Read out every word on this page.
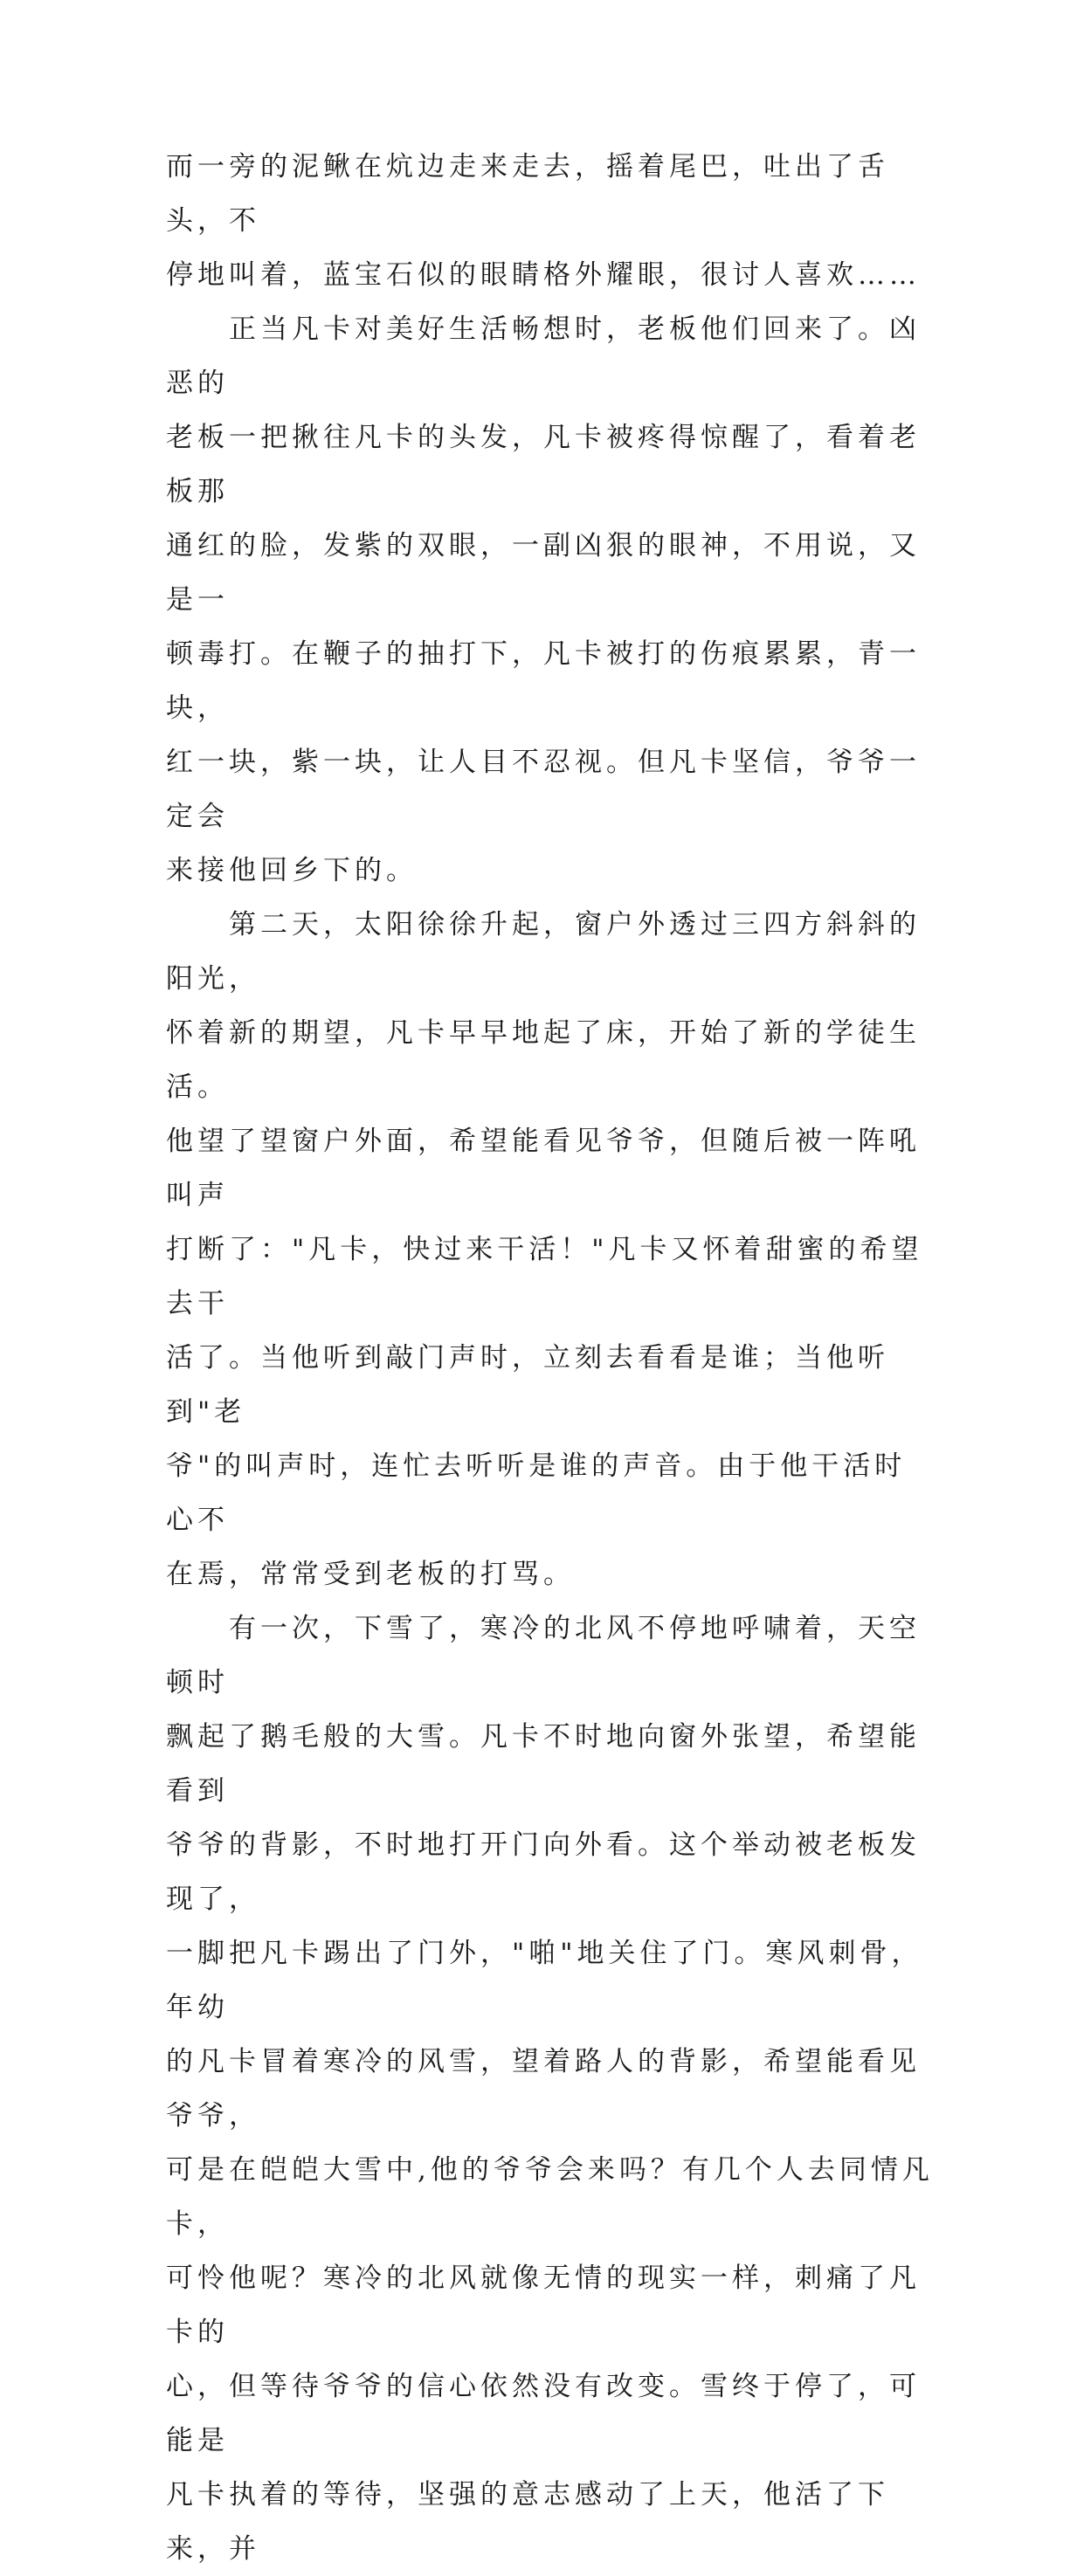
而一旁的泥鳅在炕边走来走去，摇着尾巴，吐出了舌头，不
停地叫着，蓝宝石似的眼睛格外耀眼，很讨人喜欢……

　　正当凡卡对美好生活畅想时，老板他们回来了。凶恶的
老板一把揪往凡卡的头发，凡卡被疼得惊醒了，看着老板那
通红的脸，发紫的双眼，一副凶狠的眼神，不用说，又是一
顿毒打。在鞭子的抽打下，凡卡被打的伤痕累累，青一块，
红一块，紫一块，让人目不忍视。但凡卡坚信，爷爷一定会
来接他回乡下的。

　　第二天，太阳徐徐升起，窗户外透过三四方斜斜的阳光，
怀着新的期望，凡卡早早地起了床，开始了新的学徒生活。
他望了望窗户外面，希望能看见爷爷，但随后被一阵吼叫声
打断了："凡卡，快过来干活！"凡卡又怀着甜蜜的希望去干
活了。当他听到敲门声时，立刻去看看是谁；当他听到"老
爷"的叫声时，连忙去听听是谁的声音。由于他干活时心不
在焉，常常受到老板的打骂。

　　有一次，下雪了，寒冷的北风不停地呼啸着，天空顿时
飘起了鹅毛般的大雪。凡卡不时地向窗外张望，希望能看到
爷爷的背影，不时地打开门向外看。这个举动被老板发现了，
一脚把凡卡踢出了门外，"啪"地关住了门。寒风刺骨，年幼
的凡卡冒着寒冷的风雪，望着路人的背影，希望能看见爷爷，
可是在皑皑大雪中,他的爷爷会来吗？有几个人去同情凡卡，
可怜他呢？寒冷的北风就像无情的现实一样，刺痛了凡卡的
心，但等待爷爷的信心依然没有改变。雪终于停了，可能是
凡卡执着的等待，坚强的意志感动了上天，他活了下来，并
